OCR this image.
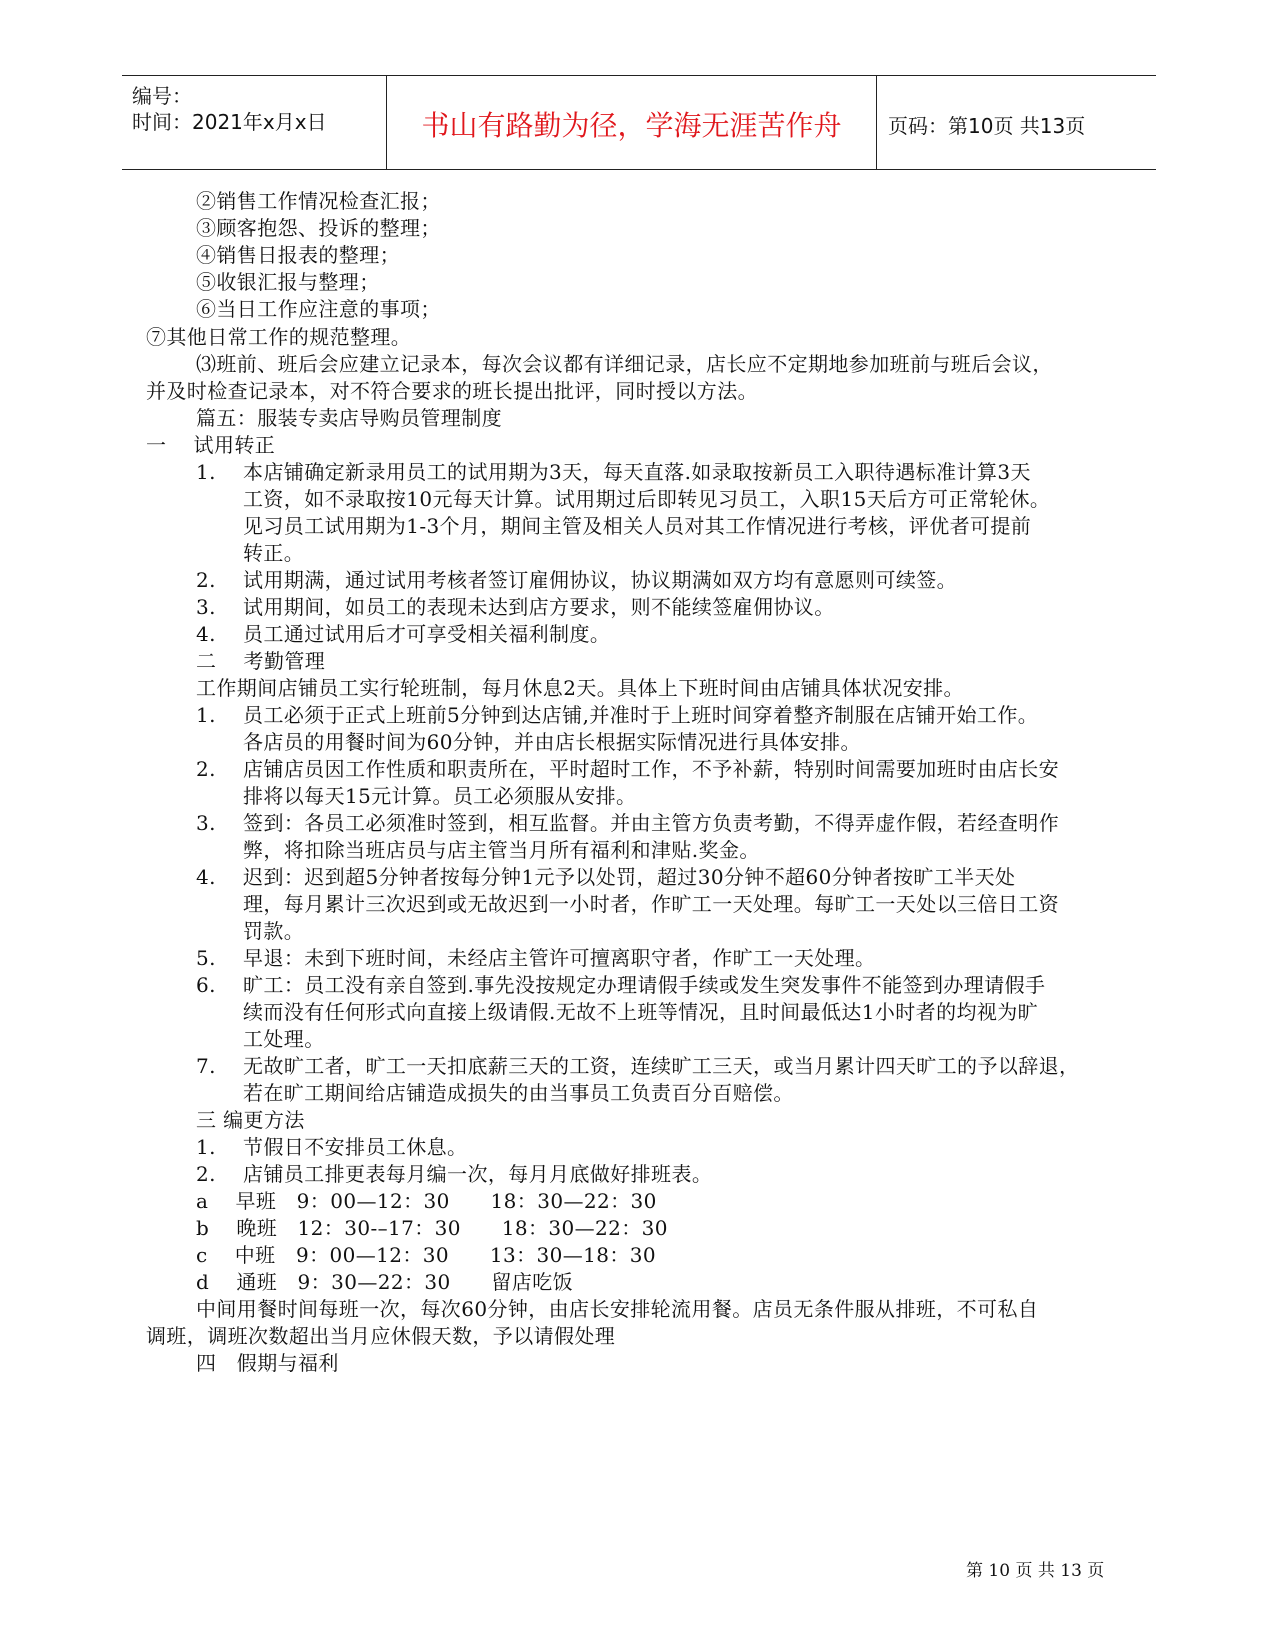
编号：
时间：2021年x月x日	书山有路勤为径，学海无涯苦作舟	页码：第10页 共13页
②销售工作情况检查汇报；
③顾客抱怨、投诉的整理；
④销售日报表的整理；
⑤收银汇报与整理；
⑥当日工作应注意的事项；
⑦其他日常工作的规范整理。
⑶班前、班后会应建立记录本，每次会议都有详细记录，店长应不定期地参加班前与班后会议，
并及时检查记录本，对不符合要求的班长提出批评，同时授以方法。
篇五：服装专卖店导购员管理制度
一　 试用转正
1.　 本店铺确定新录用员工的试用期为3天，每天直落.如录取按新员工入职待遇标准计算3天
工资，如不录取按10元每天计算。试用期过后即转见习员工，入职15天后方可正常轮休。
见习员工试用期为1-3个月，期间主管及相关人员对其工作情况进行考核，评优者可提前
转正。
2.　 试用期满，通过试用考核者签订雇佣协议，协议期满如双方均有意愿则可续签。
3.　 试用期间，如员工的表现未达到店方要求，则不能续签雇佣协议。
4.　 员工通过试用后才可享受相关福利制度。
二　 考勤管理
工作期间店铺员工实行轮班制，每月休息2天。具体上下班时间由店铺具体状况安排。
1.　 员工必须于正式上班前5分钟到达店铺,并准时于上班时间穿着整齐制服在店铺开始工作。
各店员的用餐时间为60分钟，并由店长根据实际情况进行具体安排。
2.　 店铺店员因工作性质和职责所在，平时超时工作，不予补薪，特别时间需要加班时由店长安
排将以每天15元计算。员工必须服从安排。
3.　 签到：各员工必须准时签到，相互监督。并由主管方负责考勤，不得弄虚作假，若经查明作
弊，将扣除当班店员与店主管当月所有福利和津贴.奖金。
4.　 迟到：迟到超5分钟者按每分钟1元予以处罚，超过30分钟不超60分钟者按旷工半天处
理，每月累计三次迟到或无故迟到一小时者，作旷工一天处理。每旷工一天处以三倍日工资
罚款。
5.　 早退：未到下班时间，未经店主管许可擅离职守者，作旷工一天处理。
6.　 旷工：员工没有亲自签到.事先没按规定办理请假手续或发生突发事件不能签到办理请假手
续而没有任何形式向直接上级请假.无故不上班等情况，且时间最低达1小时者的均视为旷
工处理。
7.　 无故旷工者，旷工一天扣底薪三天的工资，连续旷工三天，或当月累计四天旷工的予以辞退，
若在旷工期间给店铺造成损失的由当事员工负责百分百赔偿。
三 编更方法
1.　 节假日不安排员工休息。
2.　 店铺员工排更表每月编一次，每月月底做好排班表。
a　 早班　9：00—12：30　　18：30—22：30
b　 晚班　12：30-–17：30　　18：30—22：30
c　 中班　9：00—12：30　　13：30—18：30
d　 通班　9：30—22：30　　留店吃饭
中间用餐时间每班一次，每次60分钟，由店长安排轮流用餐。店员无条件服从排班，不可私自
调班，调班次数超出当月应休假天数，予以请假处理
四　假期与福利
第 10 页 共 13 页
